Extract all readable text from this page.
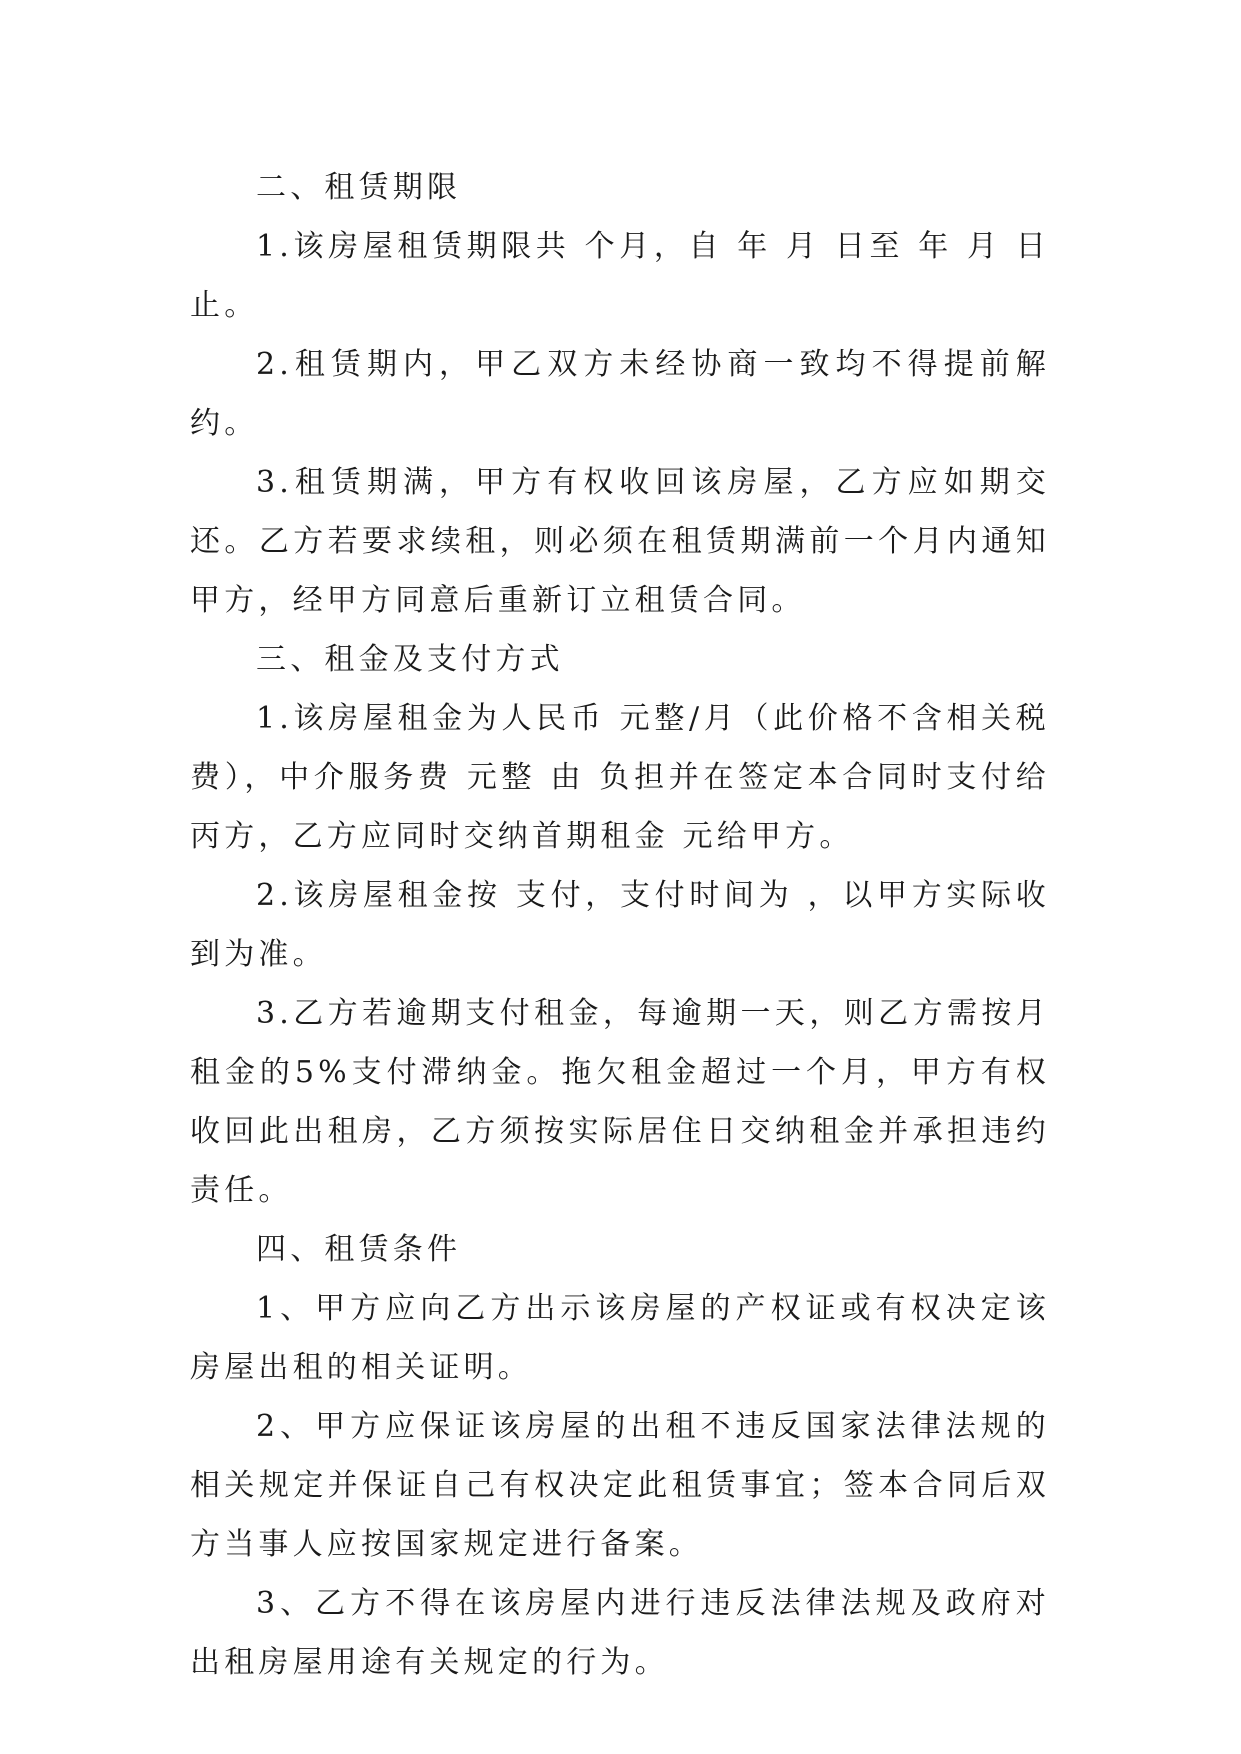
二、租赁期限
1.该房屋租赁期限共 个月，自 年 月 日至 年 月 日止。
2.租赁期内，甲乙双方未经协商一致均不得提前解约。
3.租赁期满，甲方有权收回该房屋，乙方应如期交还。乙方若要求续租，则必须在租赁期满前一个月内通知甲方，经甲方同意后重新订立租赁合同。
三、租金及支付方式
1.该房屋租金为人民币 元整/月（此价格不含相关税费），中介服务费 元整 由 负担并在签定本合同时支付给丙方，乙方应同时交纳首期租金 元给甲方。
2.该房屋租金按 支付，支付时间为 ，以甲方实际收到为准。
3.乙方若逾期支付租金，每逾期一天，则乙方需按月租金的5%支付滞纳金。拖欠租金超过一个月，甲方有权收回此出租房，乙方须按实际居住日交纳租金并承担违约责任。
四、租赁条件
1、甲方应向乙方出示该房屋的产权证或有权决定该房屋出租的相关证明。
2、甲方应保证该房屋的出租不违反国家法律法规的相关规定并保证自己有权决定此租赁事宜；签本合同后双方当事人应按国家规定进行备案。
3、乙方不得在该房屋内进行违反法律法规及政府对出租房屋用途有关规定的行为。
